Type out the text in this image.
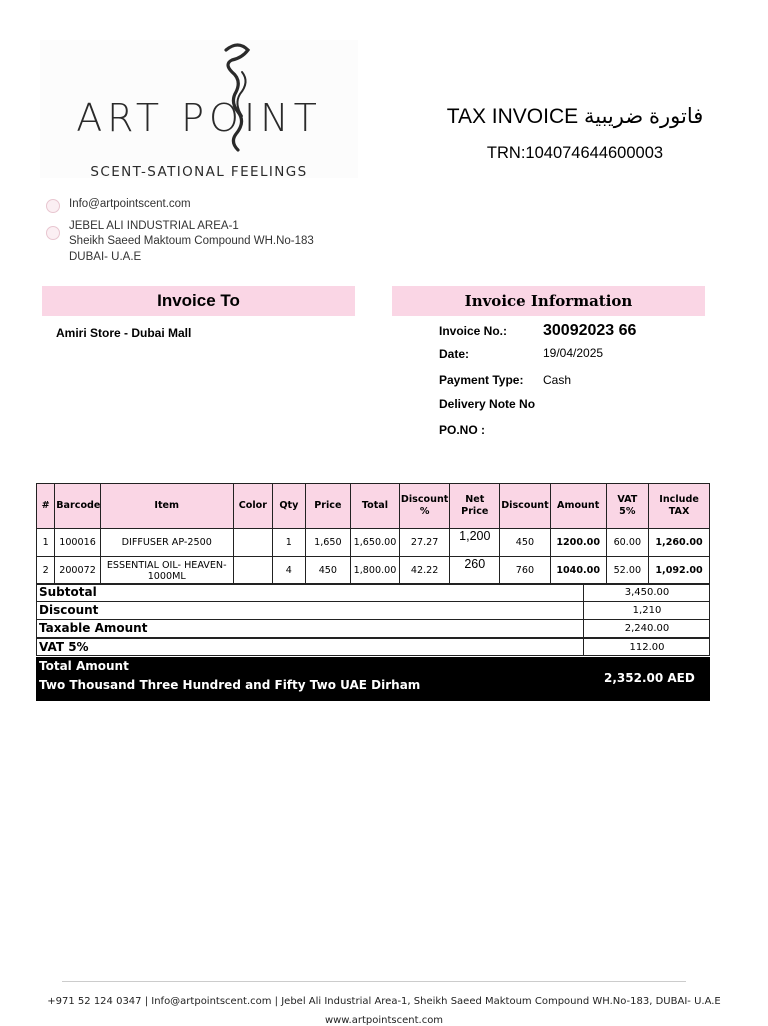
ART POINT
SCENT-SATIONAL FEELINGS
Info@artpointscent.com
JEBEL ALI INDUSTRIAL AREA-1
Sheikh Saeed Maktoum Compound WH.No-183
DUBAI- U.A.E
TAX INVOICE فاتورة ضريبية
TRN:104074644600003
Invoice To	Invoice Information
Amiri Store - Dubai Mall	Invoice No.: 30092023 66
Date:	19/04/2025
Payment Type: Cash
Delivery Note No
PO.NO :
#	Barcode	Item	Color	Qty	Price	Total	Discount %	Net Price	Discount	Amount	VAT 5%	Include TAX
1	100016	DIFFUSER AP-2500		1	1,650	1,650.00	27.27	1,200	450	1200.00	60.00	1,260.00
2	200072	ESSENTIAL OIL- HEAVEN-1000ML		4	450	1,800.00	42.22	260	760	1040.00	52.00	1,092.00
Subtotal	3,450.00
Discount	1,210
Taxable Amount	2,240.00
VAT 5%	112.00
Total Amount
Two Thousand Three Hundred and Fifty Two UAE Dirham	2,352.00 AED
+971 52 124 0347 | Info@artpointscent.com | Jebel Ali Industrial Area-1, Sheikh Saeed Maktoum Compound WH.No-183, DUBAI- U.A.E
www.artpointscent.com
